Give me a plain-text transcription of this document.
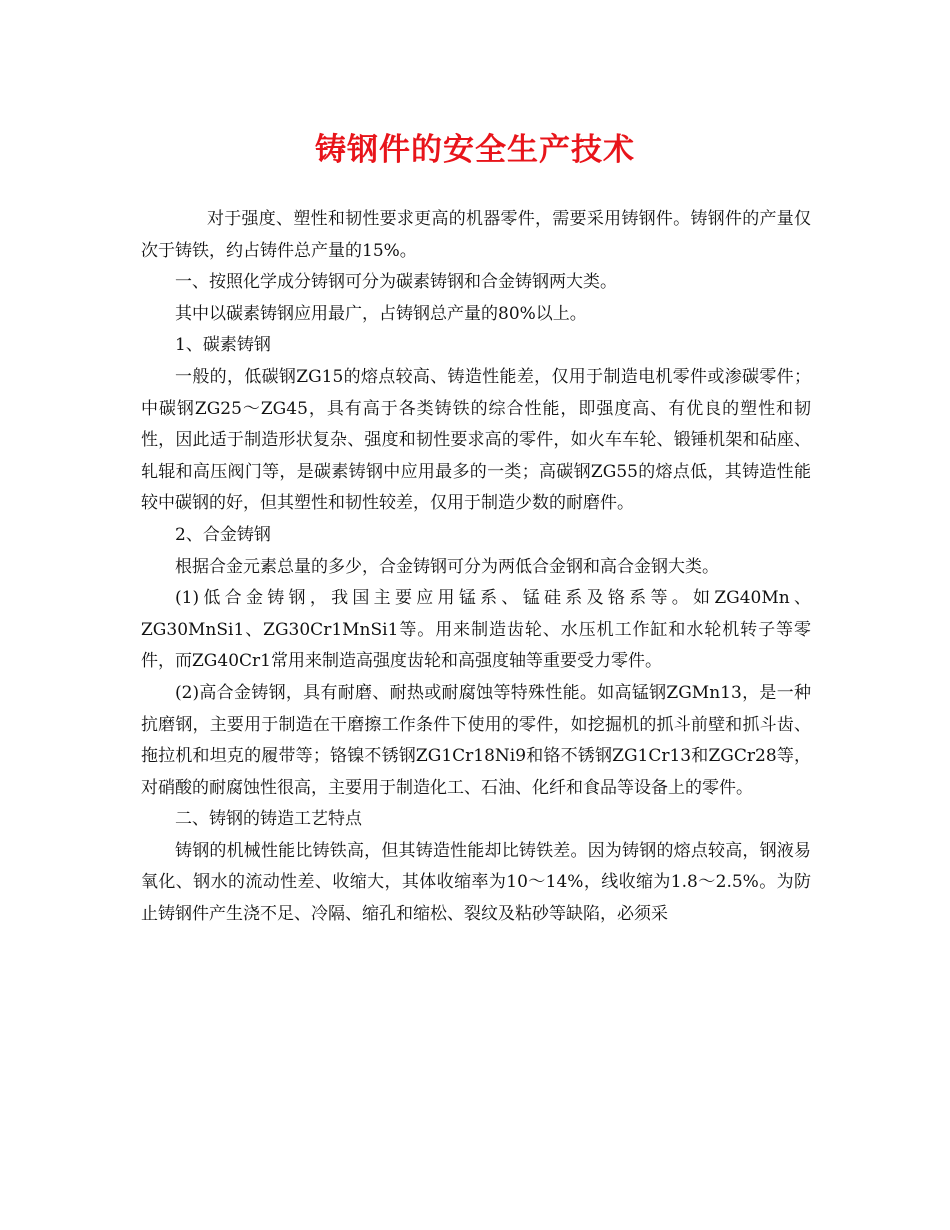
铸钢件的安全生产技术

对于强度、塑性和韧性要求更高的机器零件，需要采用铸钢件。铸钢件的产量仅次于铸铁，约占铸件总产量的15%。

一、按照化学成分铸钢可分为碳素铸钢和合金铸钢两大类。

其中以碳素铸钢应用最广，占铸钢总产量的80%以上。

1、碳素铸钢

一般的，低碳钢ZG15的熔点较高、铸造性能差，仅用于制造电机零件或渗碳零件；中碳钢ZG25～ZG45，具有高于各类铸铁的综合性能，即强度高、有优良的塑性和韧性，因此适于制造形状复杂、强度和韧性要求高的零件，如火车车轮、锻锤机架和砧座、轧辊和高压阀门等，是碳素铸钢中应用最多的一类；高碳钢ZG55的熔点低，其铸造性能较中碳钢的好，但其塑性和韧性较差，仅用于制造少数的耐磨件。

2、合金铸钢

根据合金元素总量的多少，合金铸钢可分为两低合金钢和高合金钢大类。

(1)低合金铸钢，我国主要应用锰系、锰硅系及铬系等。如ZG40Mn、ZG30MnSi1、ZG30Cr1MnSi1等。用来制造齿轮、水压机工作缸和水轮机转子等零件，而ZG40Cr1常用来制造高强度齿轮和高强度轴等重要受力零件。

(2)高合金铸钢，具有耐磨、耐热或耐腐蚀等特殊性能。如高锰钢ZGMn13，是一种抗磨钢，主要用于制造在干磨擦工作条件下使用的零件，如挖掘机的抓斗前壁和抓斗齿、拖拉机和坦克的履带等；铬镍不锈钢ZG1Cr18Ni9和铬不锈钢ZG1Cr13和ZGCr28等，对硝酸的耐腐蚀性很高，主要用于制造化工、石油、化纤和食品等设备上的零件。

二、铸钢的铸造工艺特点

铸钢的机械性能比铸铁高，但其铸造性能却比铸铁差。因为铸钢的熔点较高，钢液易氧化、钢水的流动性差、收缩大，其体收缩率为10～14%，线收缩为1.8～2.5%。为防止铸钢件产生浇不足、冷隔、缩孔和缩松、裂纹及粘砂等缺陷，必须采
